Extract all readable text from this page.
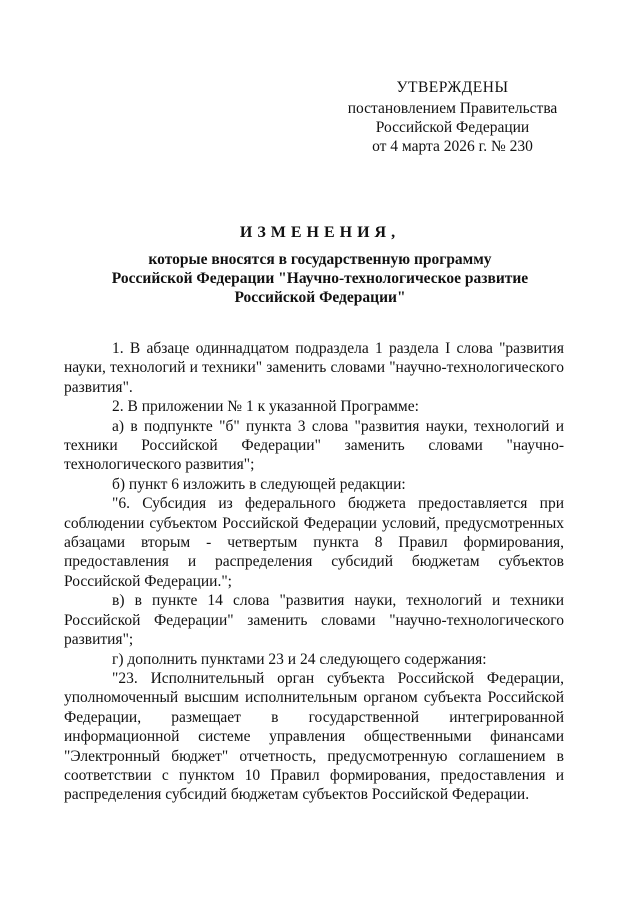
УТВЕРЖДЕНЫ
постановлением Правительства
Российской Федерации
от 4 марта 2026 г. № 230
ИЗМЕНЕНИЯ,
которые вносятся в государственную программу
Российской Федерации "Научно-технологическое развитие
Российской Федерации"

1. В абзаце одиннадцатом подраздела 1 раздела I слова "развития науки, технологий и техники" заменить словами "научно-технологического развития".

2. В приложении № 1 к указанной Программе:

а) в подпункте "б" пункта 3 слова "развития науки, технологий и техники Российской Федерации" заменить словами "научно-технологического развития";

б) пункт 6 изложить в следующей редакции:

"6. Субсидия из федерального бюджета предоставляется при соблюдении субъектом Российской Федерации условий, предусмотренных абзацами вторым - четвертым пункта 8 Правил формирования, предоставления и распределения субсидий бюджетам субъектов Российской Федерации.";

в) в пункте 14 слова "развития науки, технологий и техники Российской Федерации" заменить словами "научно-технологического развития";

г) дополнить пунктами 23 и 24 следующего содержания:

"23. Исполнительный орган субъекта Российской Федерации, уполномоченный высшим исполнительным органом субъекта Российской Федерации, размещает в государственной интегрированной информационной системе управления общественными финансами "Электронный бюджет" отчетность, предусмотренную соглашением в соответствии с пунктом 10 Правил формирования, предоставления и распределения субсидий бюджетам субъектов Российской Федерации.
